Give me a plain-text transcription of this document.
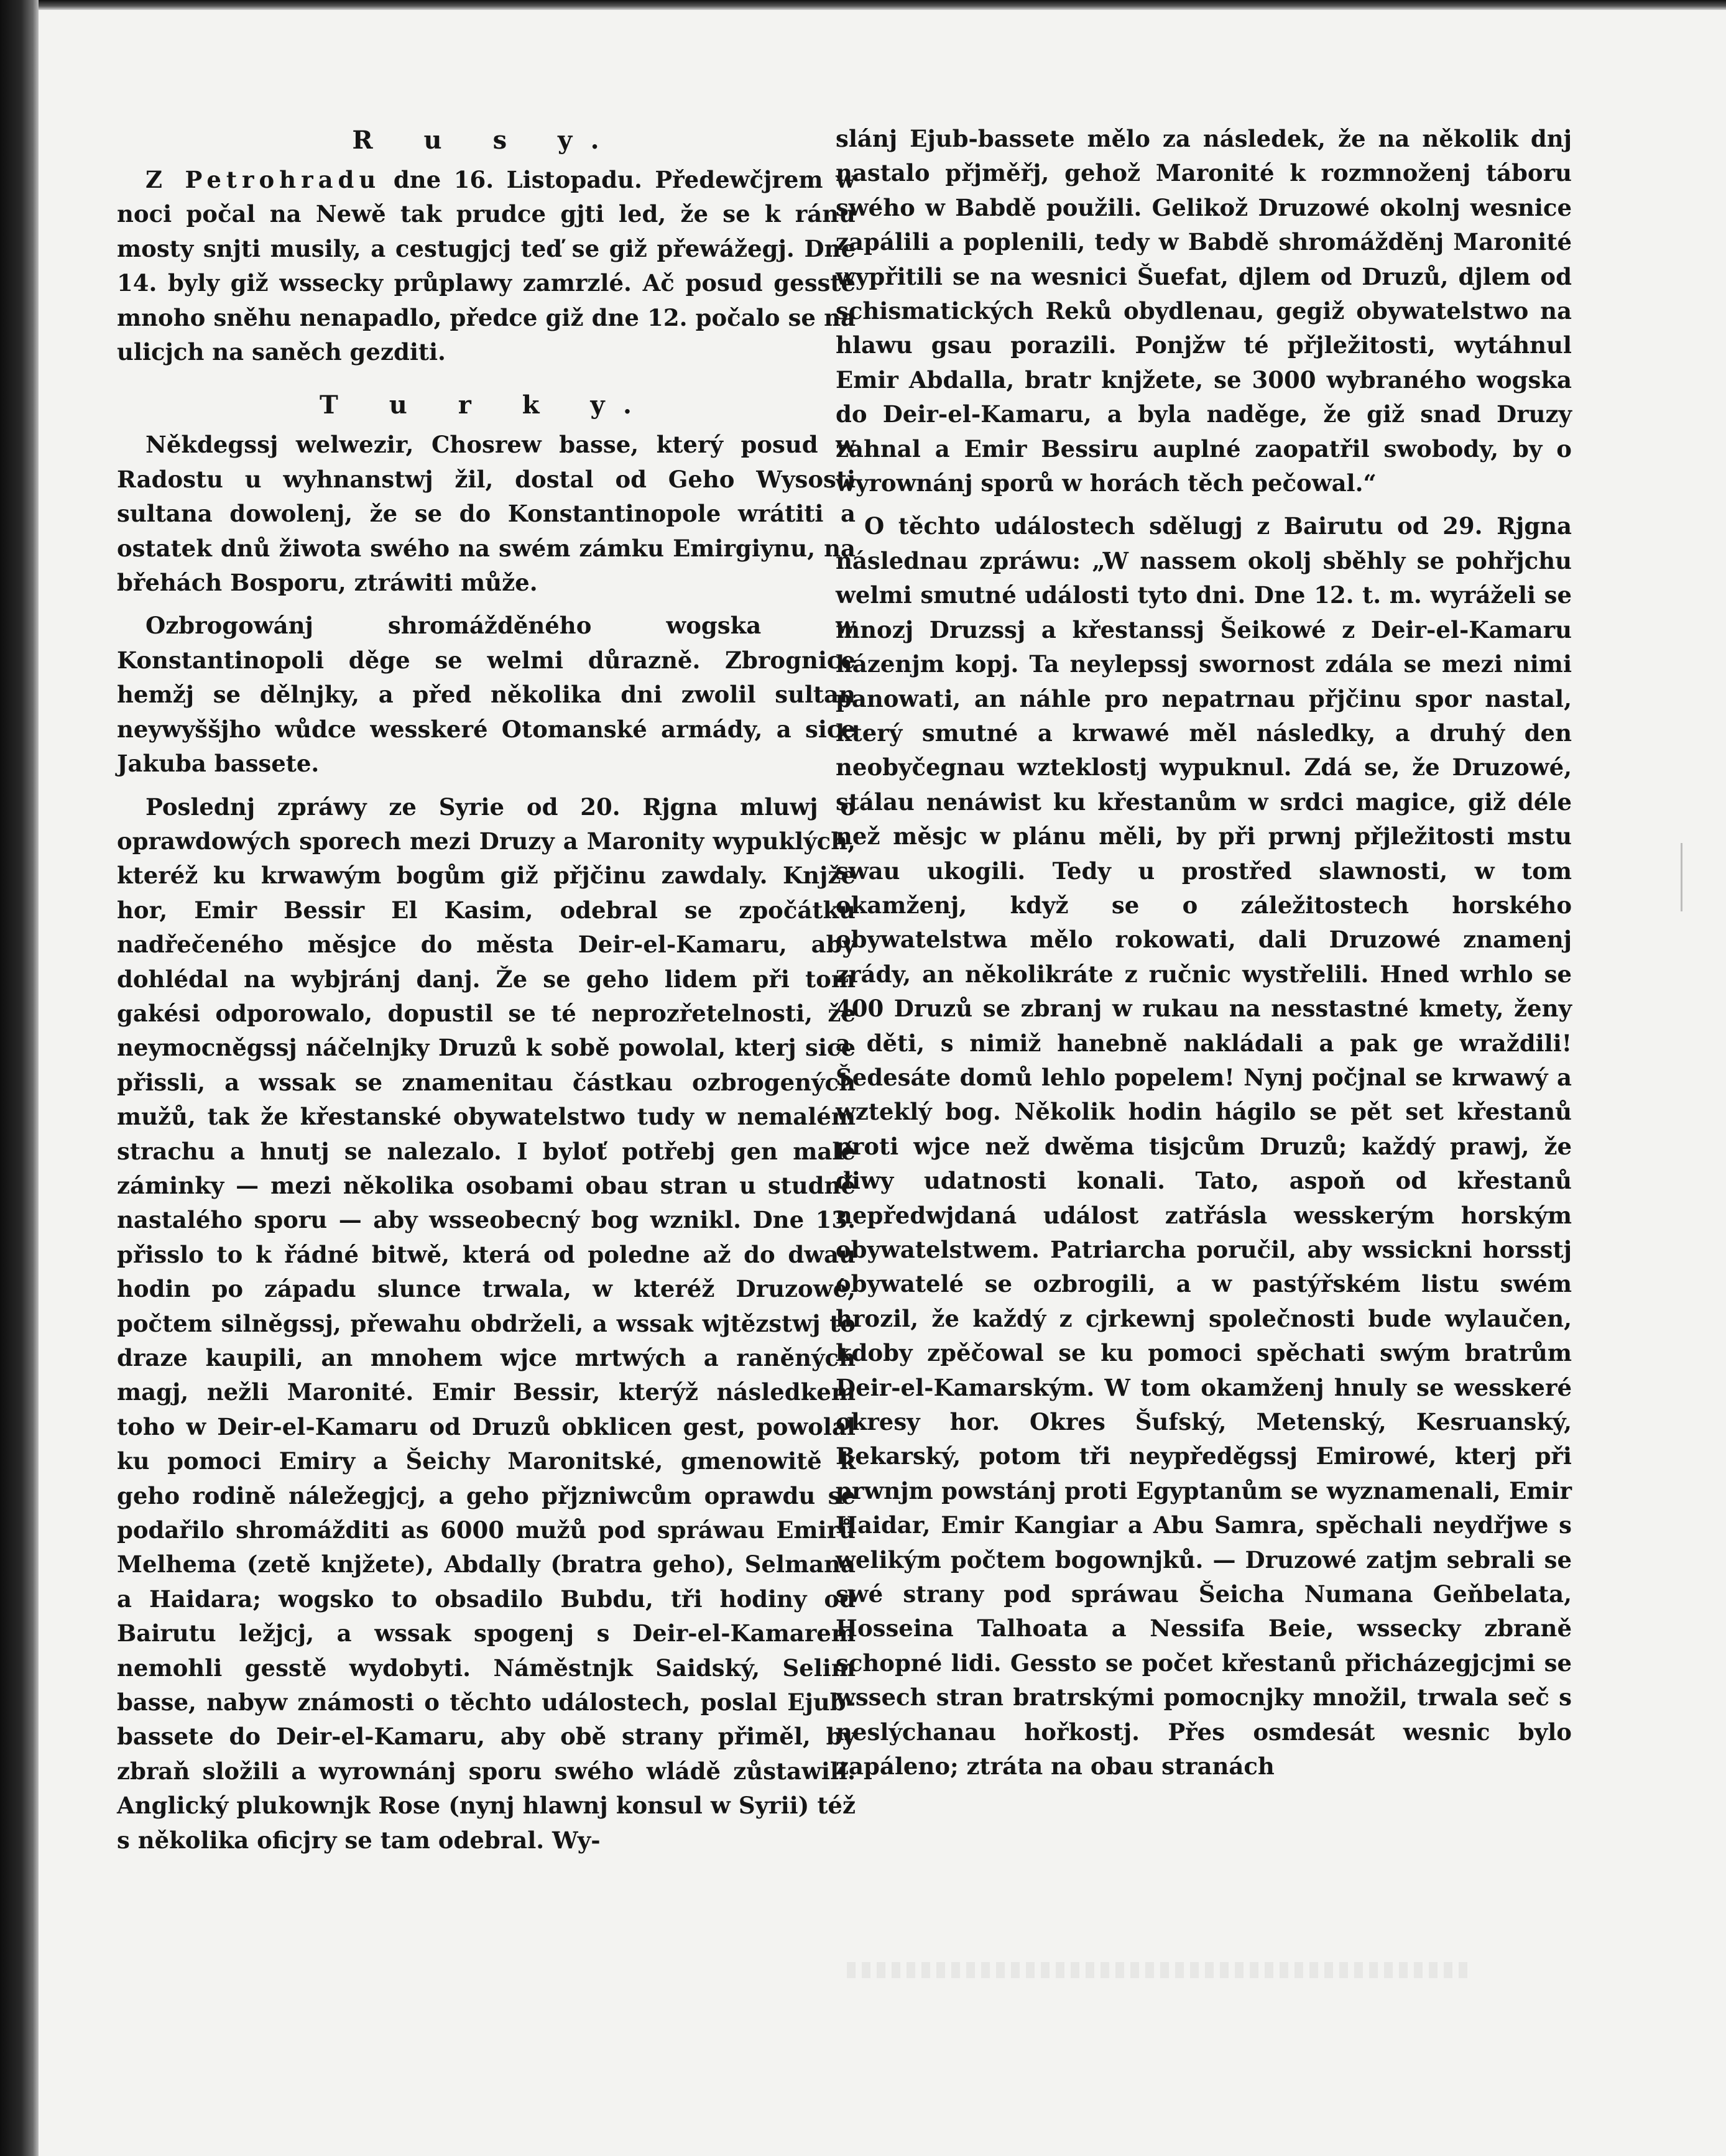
R u s y.

Z Petrohradu dne 16. Listopadu. Předewčjrem w noci počal na Newě tak prudce gjti led, že se k ránu mosty snjti musily, a cestugjcj teď se giž přewážegj. Dne 14. byly giž wssecky průplawy zamrzlé. Ač posud gesstě mnoho sněhu nenapadlo, předce giž dne 12. počalo se na ulicjch na saněch gezditi.

T u r k y.

Někdegssj welwezir, Chosrew basse, který posud w Radostu u wyhnanstwj žil, dostal od Geho Wysosti sultana dowolenj, že se do Konstantinopole wrátiti a ostatek dnů žiwota swého na swém zámku Emirgiynu, na břehách Bosporu, ztráwiti může.

Ozbrogowánj shromážděného wogska w Konstantinopoli děge se welmi důrazně. Zbrognice hemžj se dělnjky, a před několika dni zwolil sultan neywyššjho wůdce wesskeré Otomanské armády, a sice Jakuba bassete.

Poslednj zpráwy ze Syrie od 20. Rjgna mluwj o oprawdowých sporech mezi Druzy a Maronity wypuklých, kteréž ku krwawým bogům giž přjčinu zawdaly. Knjže hor, Emir Bessir El Kasim, odebral se zpočátku nadřečeného měsjce do města Deir-el-Kamaru, aby dohlédal na wybjránj danj. Že se geho lidem při tom gakési odporowalo, dopustil se té neprozřetelnosti, že neymocněgssj náčelnjky Druzů k sobě powolal, kterj sice přissli, a wssak se znamenitau částkau ozbrogených mužů, tak že křestanské obywatelstwo tudy w nemalém strachu a hnutj se nalezalo. I byloť potřebj gen malé záminky — mezi několika osobami obau stran u studně nastalého sporu — aby wsseobecný bog wznikl. Dne 13. přisslo to k řádné bitwě, která od poledne až do dwau hodin po západu slunce trwala, w kteréž Druzowé, počtem silněgssj, přewahu obdrželi, a wssak wjtězstwj to draze kaupili, an mnohem wjce mrtwých a raněných magj, nežli Maronité. Emir Bessir, kterýž následkem toho w Deir-el-Kamaru od Druzů obklicen gest, powolal ku pomoci Emiry a Šeichy Maronitské, gmenowitě k geho rodině náležegjcj, a geho přjzniwcům oprawdu se podařilo shromážditi as 6000 mužů pod spráwau Emirů Melhema (zetě knjžete), Abdally (bratra geho), Selmana a Haidara; wogsko to obsadilo Bubdu, tři hodiny od Bairutu ležjcj, a wssak spogenj s Deir-el-Kamarem nemohli gesstě wydobyti. Náměstnjk Saidský, Selim basse, nabyw známosti o těchto událostech, poslal Ejub-bassete do Deir-el-Kamaru, aby obě strany přiměl, by zbraň složili a wyrownánj sporu swého wládě zůstawili. Anglický plukownjk Rose (nynj hlawnj konsul w Syrii) též s několika oficjry se tam odebral. Wy-

slánj Ejub-bassete mělo za následek, že na několik dnj nastalo přjměřj, gehož Maronité k rozmnoženj táboru swého w Babdě použili. Gelikož Druzowé okolnj wesnice zapálili a poplenili, tedy w Babdě shromážděnj Maronité wypřitili se na wesnici Šuefat, djlem od Druzů, djlem od schismatických Reků obydlenau, gegiž obywatelstwo na hlawu gsau porazili. Ponjžw té přjležitosti, wytáhnul Emir Abdalla, bratr knjžete, se 3000 wybraného wogska do Deir-el-Kamaru, a byla naděge, že giž snad Druzy zahnal a Emir Bessiru auplné zaopatřil swobody, by o wyrownánj sporů w horách těch pečowal.“

O těchto událostech sdělugj z Bairutu od 29. Rjgna následnau zpráwu: „W nassem okolj sběhly se pohřjchu welmi smutné události tyto dni. Dne 12. t. m. wyráželi se mnozj Druzssj a křestanssj Šeikowé z Deir-el-Kamaru házenjm kopj. Ta neylepssj swornost zdála se mezi nimi panowati, an náhle pro nepatrnau přjčinu spor nastal, který smutné a krwawé měl následky, a druhý den neobyčegnau wzteklostj wypuknul. Zdá se, že Druzowé, stálau nenáwist ku křestanům w srdci magice, giž déle než měsjc w plánu měli, by při prwnj přjležitosti mstu swau ukogili. Tedy u prostřed slawnosti, w tom okamženj, když se o záležitostech horského obywatelstwa mělo rokowati, dali Druzowé znamenj zrády, an několikráte z ručnic wystřelili. Hned wrhlo se 400 Druzů se zbranj w rukau na nesstastné kmety, ženy a děti, s nimiž hanebně nakládali a pak ge wraždili! Šedesáte domů lehlo popelem! Nynj počjnal se krwawý a wzteklý bog. Několik hodin hágilo se pět set křestanů proti wjce než dwěma tisjcům Druzů; každý prawj, že diwy udatnosti konali. Tato, aspoň od křestanů nepředwjdaná událost zatřásla wesskerým horským obywatelstwem. Patriarcha poručil, aby wssickni horsstj obywatelé se ozbrogili, a w pastýřském listu swém hrozil, že každý z cjrkewnj společnosti bude wylaučen, kdoby zpěčowal se ku pomoci spěchati swým bratrům Deir-el-Kamarským. W tom okamženj hnuly se wesskeré okresy hor. Okres Šufský, Metenský, Kesruanský, Bekarský, potom tři neypředěgssj Emirowé, kterj při prwnjm powstánj proti Egyptanům se wyznamenali, Emir Haidar, Emir Kangiar a Abu Samra, spěchali neydřjwe s welikým počtem bogownjků. — Druzowé zatjm sebrali se swé strany pod spráwau Šeicha Numana Geňbelata, Hosseina Talhoata a Nessifa Beie, wssecky zbraně schopné lidi. Gessto se počet křestanů přicházegjcjmi se wssech stran bratrskými pomocnjky množil, trwala seč s neslýchanau hořkostj. Přes osmdesát wesnic bylo zapáleno; ztráta na obau stranách
